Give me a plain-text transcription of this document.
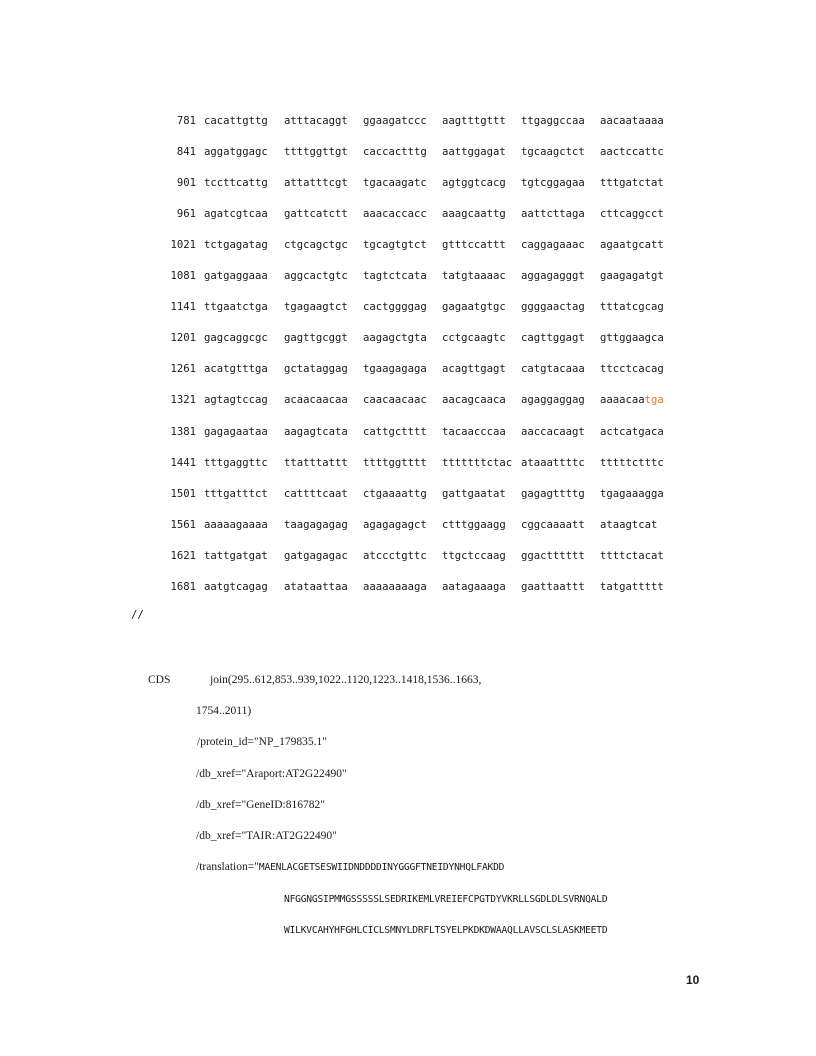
781 cacattgttg atttacaggt ggaagatccc aagtttgttt ttgaggccaa aacaataaaa
841 aggatggagc ttttggttgt caccactttg aattggagat tgcaagctct aactccattc
901 tccttcattg attatttcgt tgacaagatc agtggtcacg tgtcggagaa tttgatctat
961 agatcgtcaa gattcatctt aaacaccacc aaagcaattg aattcttaga cttcaggcct
1021 tctgagatag ctgcagctgc tgcagtgtct gtttccattt caggagaaac agaatgcatt
1081 gatgaggaaa aggcactgtc tagtctcata tatgtaaaac aggagagggt gaagagatgt
1141 ttgaatctga tgagaagtct cactggggag gagaatgtgc ggggaactag tttatcgcag
1201 gagcaggcgc gagttgcggt aagagctgta cctgcaagtc cagttggagt gttggaagca
1261 acatgtttga gctataggag tgaagagaga acagttgagt catgtacaaa ttcctcacag
1321 agtagtccag acaacaacaa caacaacaac aacagcaaca agaggaggag aaaacaatga
1381 gagagaataa aagagtcata cattgctttt tacaacccaa aaccacaagt actcatgaca
1441 tttgaggttc ttatttattt ttttggtttt tttttttctac ataaattttc tttttctttc
1501 tttgatttct cattttcaat ctgaaaattg gattgaatat gagagttttg tgagaaagga
1561 aaaaagaaaa taagagagag agagagagct ctttggaagg cggcaaaatt ataagtcat
1621 tattgatgat gatgagagac atccctgttc ttgctccaag ggactttttt ttttctacat
1681 aatgtcagag atataattaa aaaaaaaaga aatagaaaga gaattaattt tatgattttt
//
CDS	join(295..612,853..939,1022..1120,1223..1418,1536..1663,
1754..2011)
/protein_id="NP_179835.1"
/db_xref="Araport:AT2G22490"
/db_xref="GeneID:816782"
/db_xref="TAIR:AT2G22490"
/translation="MAENLACGETSESWIIDNDDDDINYGGGFTNEIDYNHQLFAKDD
NFGGNGSIPMMGSSSSSLSEDRIKEMLVREIEFCPGTDYVKRLLSGDLDLSVRNQALD
WILKVCAHYHFGHLCICLSMNYLDRFLTSYELPKDKDWAAQLLAVSCLSLASKMEETD
10
